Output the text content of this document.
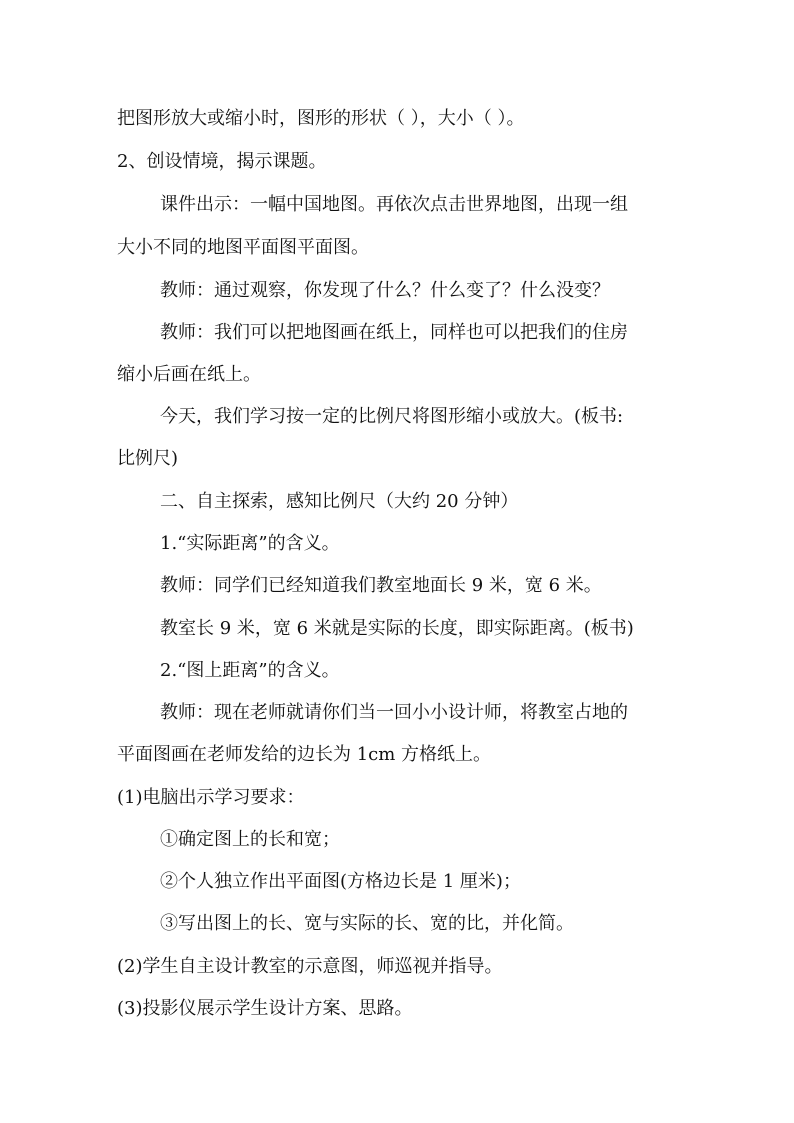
把图形放大或缩小时，图形的形状（ ），大小（ ）。
2、创设情境，揭示课题。
课件出示：一幅中国地图。再依次点击世界地图，出现一组
大小不同的地图平面图平面图。
教师：通过观察，你发现了什么？什么变了？什么没变？
教师：我们可以把地图画在纸上，同样也可以把我们的住房
缩小后画在纸上。
今天，我们学习按一定的比例尺将图形缩小或放大。(板书:
比例尺)
二、自主探索，感知比例尺（大约 20 分钟）
1.“实际距离”的含义。
教师：同学们已经知道我们教室地面长 9 米，宽 6 米。
教室长 9 米，宽 6 米就是实际的长度，即实际距离。(板书)
2.“图上距离”的含义。
教师：现在老师就请你们当一回小小设计师，将教室占地的
平面图画在老师发给的边长为 1cm 方格纸上。
(1)电脑出示学习要求：
①确定图上的长和宽；
②个人独立作出平面图(方格边长是 1 厘米)；
③写出图上的长、宽与实际的长、宽的比，并化简。
(2)学生自主设计教室的示意图，师巡视并指导。
(3)投影仪展示学生设计方案、思路。
